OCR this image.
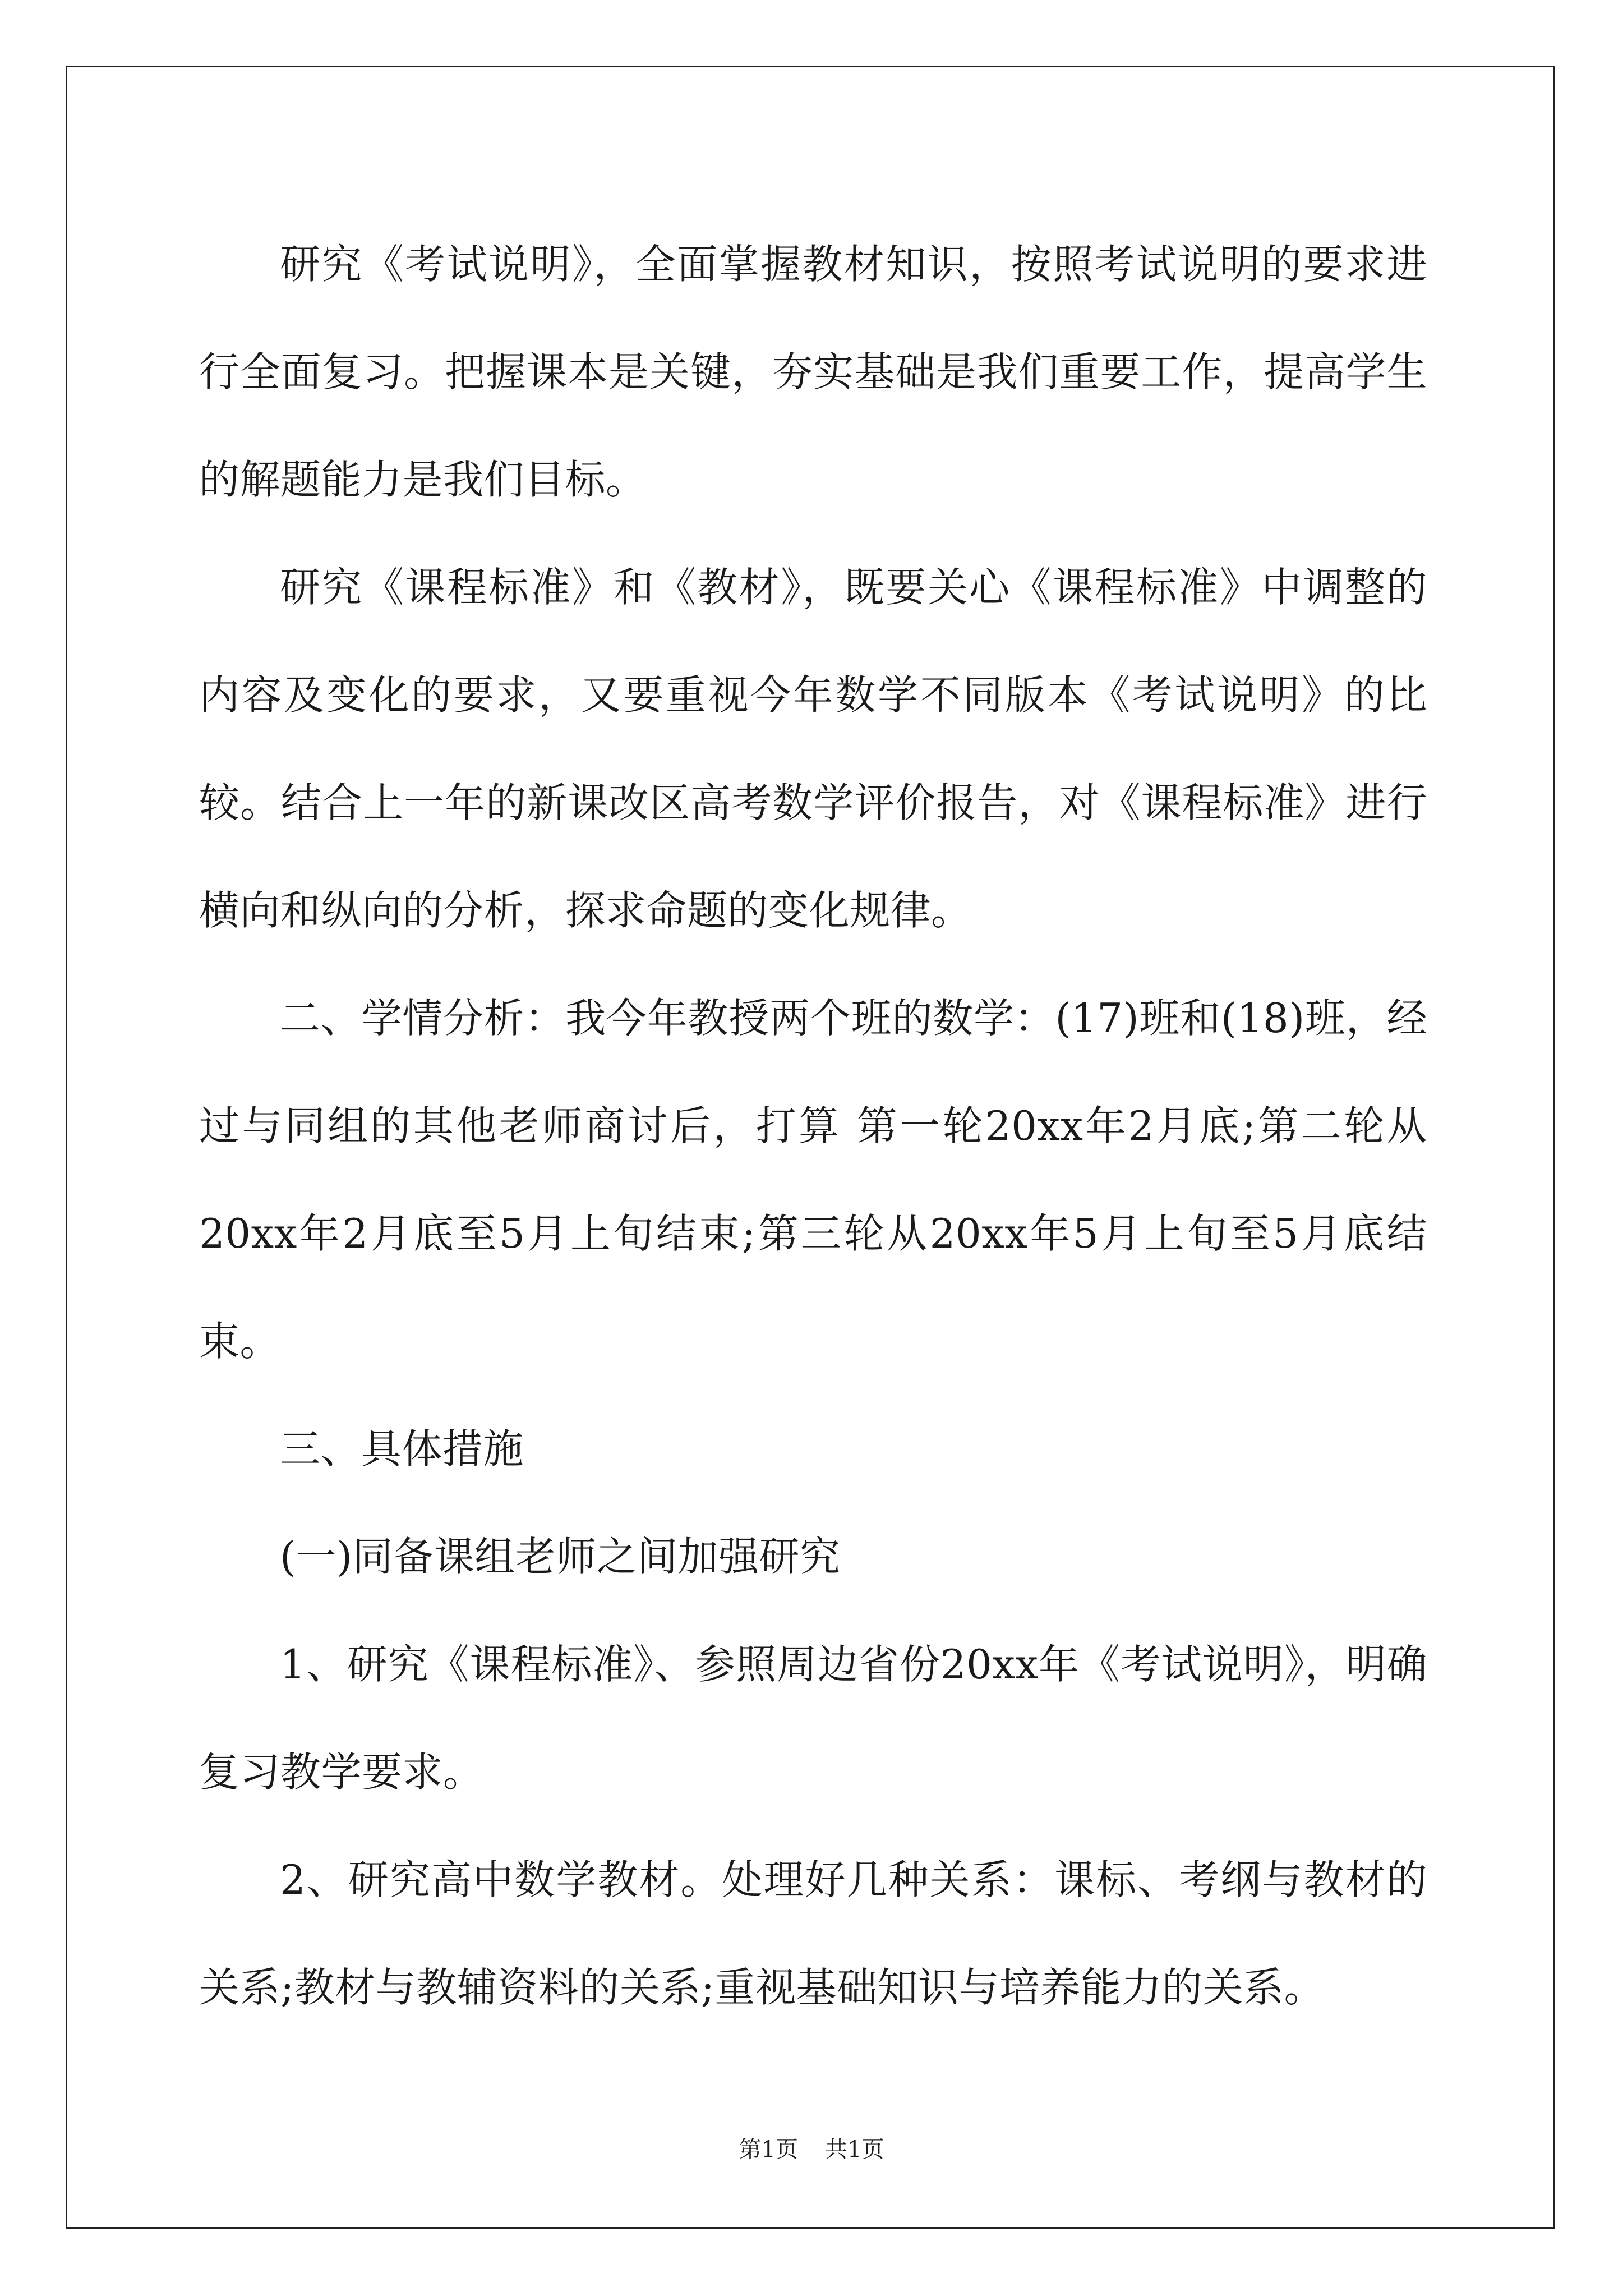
研究《考试说明》，全面掌握教材知识，按照考试说明的要求进行全面复习。把握课本是关键，夯实基础是我们重要工作，提高学生的解题能力是我们目标。

研究《课程标准》和《教材》，既要关心《课程标准》中调整的内容及变化的要求，又要重视今年数学不同版本《考试说明》的比较。结合上一年的新课改区高考数学评价报告，对《课程标准》进行横向和纵向的分析，探求命题的变化规律。

二、学情分析：我今年教授两个班的数学：(17)班和(18)班，经过与同组的其他老师商讨后，打算 第一轮20xx年2月底;第二轮从20xx年2月底至5月上旬结束;第三轮从20xx年5月上旬至5月底结束。

三、具体措施

(一)同备课组老师之间加强研究

1、研究《课程标准》、参照周边省份20xx年《考试说明》，明确复习教学要求。

2、研究高中数学教材。处理好几种关系：课标、考纲与教材的关系;教材与教辅资料的关系;重视基础知识与培养能力的关系。

第1页 共1页
